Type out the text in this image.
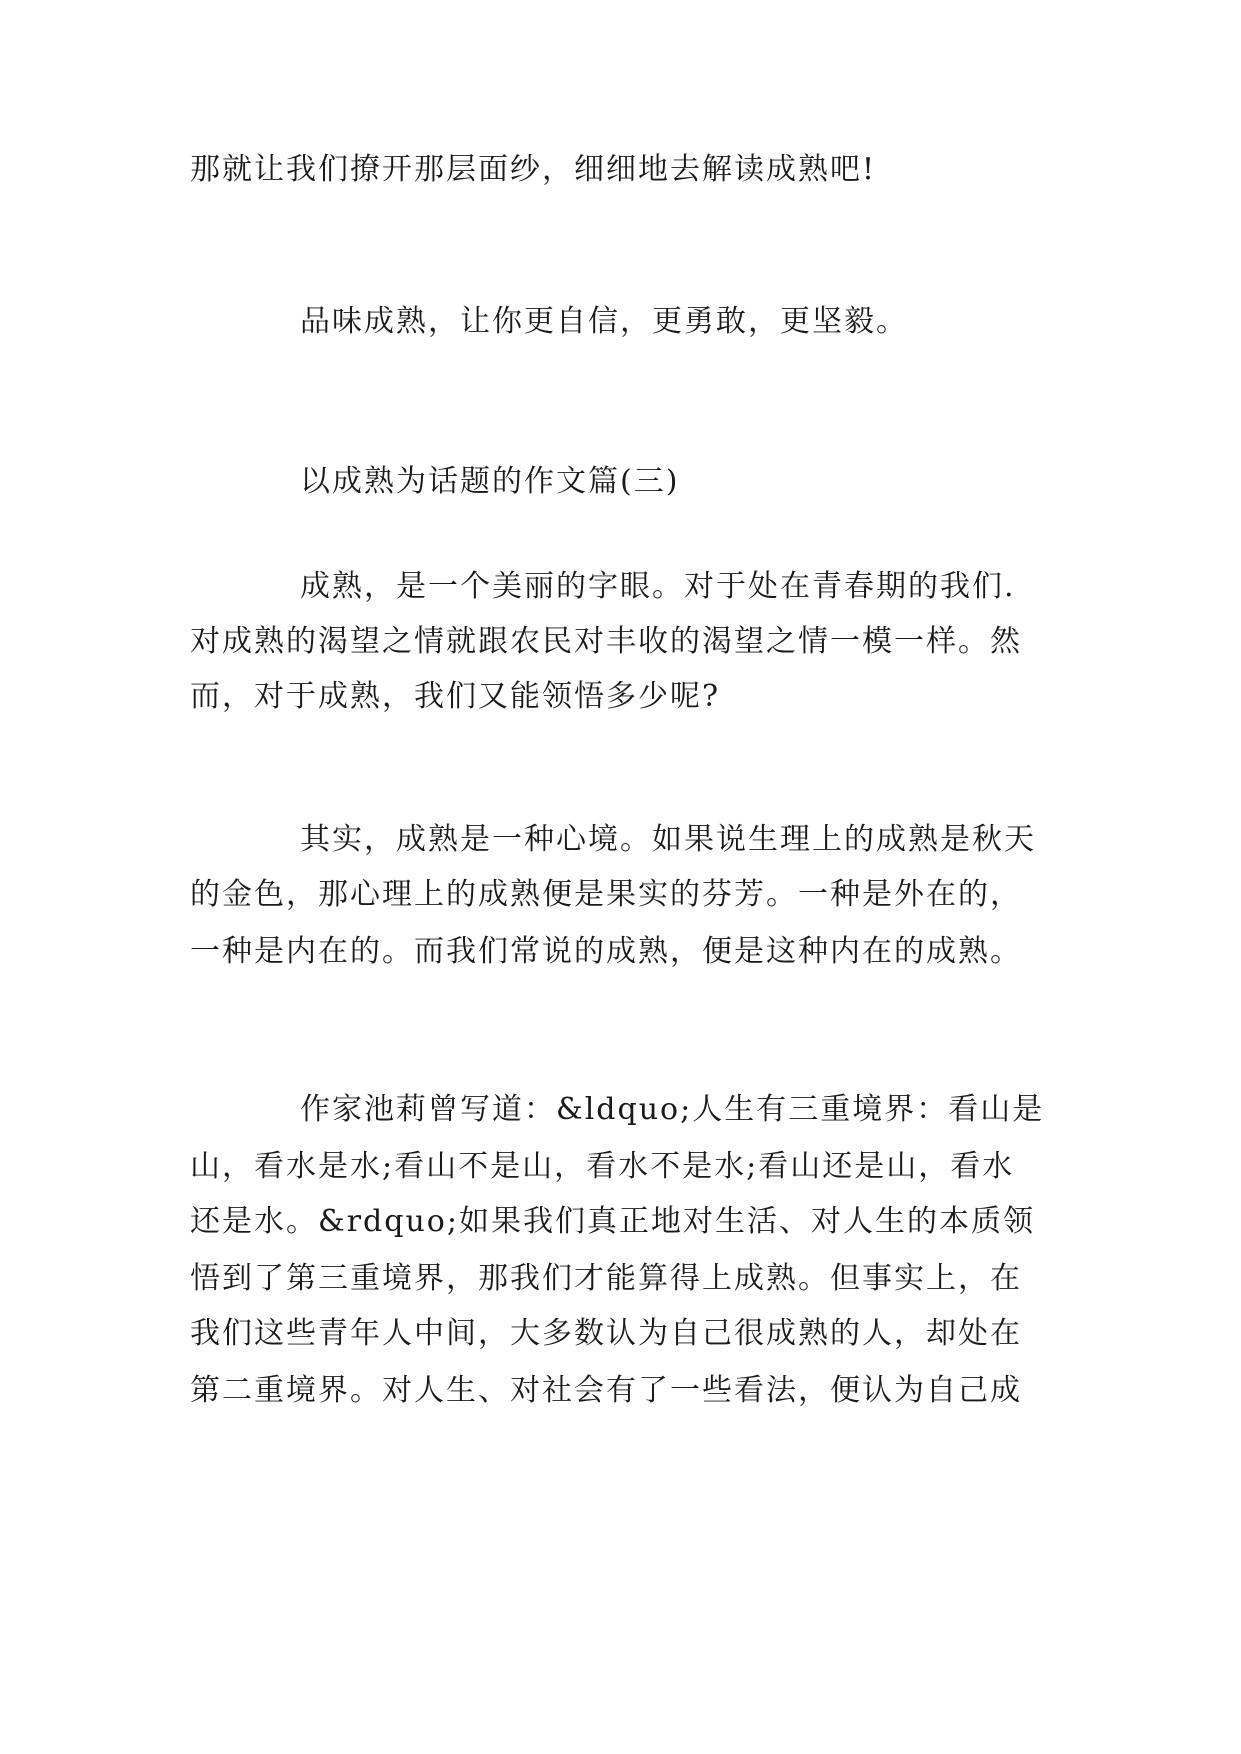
那就让我们撩开那层面纱，细细地去解读成熟吧!
品味成熟，让你更自信，更勇敢，更坚毅。
以成熟为话题的作文篇(三)
成熟，是一个美丽的字眼。对于处在青春期的我们.
对成熟的渴望之情就跟农民对丰收的渴望之情一模一样。然
而，对于成熟，我们又能领悟多少呢?
其实，成熟是一种心境。如果说生理上的成熟是秋天
的金色，那心理上的成熟便是果实的芬芳。一种是外在的，
一种是内在的。而我们常说的成熟，便是这种内在的成熟。
作家池莉曾写道：&ldquo;人生有三重境界：看山是
山，看水是水;看山不是山，看水不是水;看山还是山，看水
还是水。&rdquo;如果我们真正地对生活、对人生的本质领
悟到了第三重境界，那我们才能算得上成熟。但事实上，在
我们这些青年人中间，大多数认为自己很成熟的人，却处在
第二重境界。对人生、对社会有了一些看法，便认为自己成
